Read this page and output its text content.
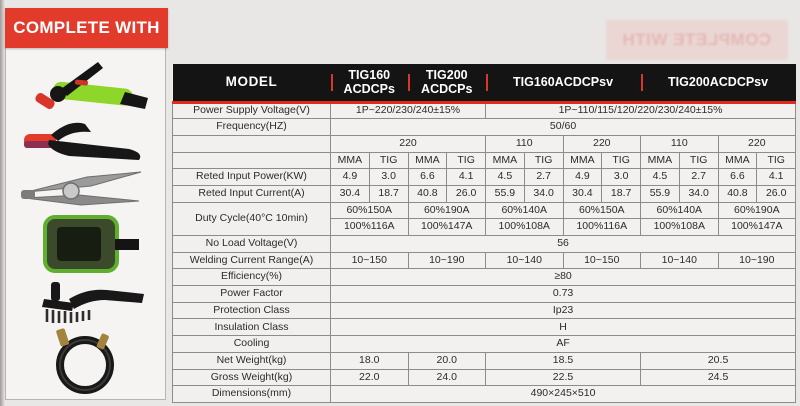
COMPLETE WITH
COMPLETE WITH
MODEL	TIG160 ACDCPs		TIG200 ACDCPs		TIG160ACDCPsv				TIG200ACDCPsv			
Power Supply Voltage(V)	1P~220/230/240±15%				1P~110/115/120/220/230/240±15%							
Frequency(HZ)	50/60											
	220				110		220		110		220	
	MMA	TIG	MMA	TIG	MMA	TIG	MMA	TIG	MMA	TIG	MMA	TIG
Reted Input Power(KW)	4.9	3.0	6.6	4.1	4.5	2.7	4.9	3.0	4.5	2.7	6.6	4.1
Reted Input Current(A)	30.4	18.7	40.8	26.0	55.9	34.0	30.4	18.7	55.9	34.0	40.8	26.0
Duty Cycle(40°C 10min)	60%150A		60%190A		60%140A		60%150A		60%140A		60%190A	
	100%116A		100%147A		100%108A		100%116A		100%108A		100%147A	
No Load Voltage(V)	56											
Welding Current Range(A)	10~150		10~190		10~140		10~150		10~140		10~190	
Efficiency(%)	≥80											
Power Factor	0.73											
Protection Class	Ip23											
Insulation Class	H											
Cooling	AF											
Net Weight(kg)	18.0		20.0		18.5				20.5			
Gross Weight(kg)	22.0		24.0		22.5				24.5			
Dimensions(mm)	490×245×510											
